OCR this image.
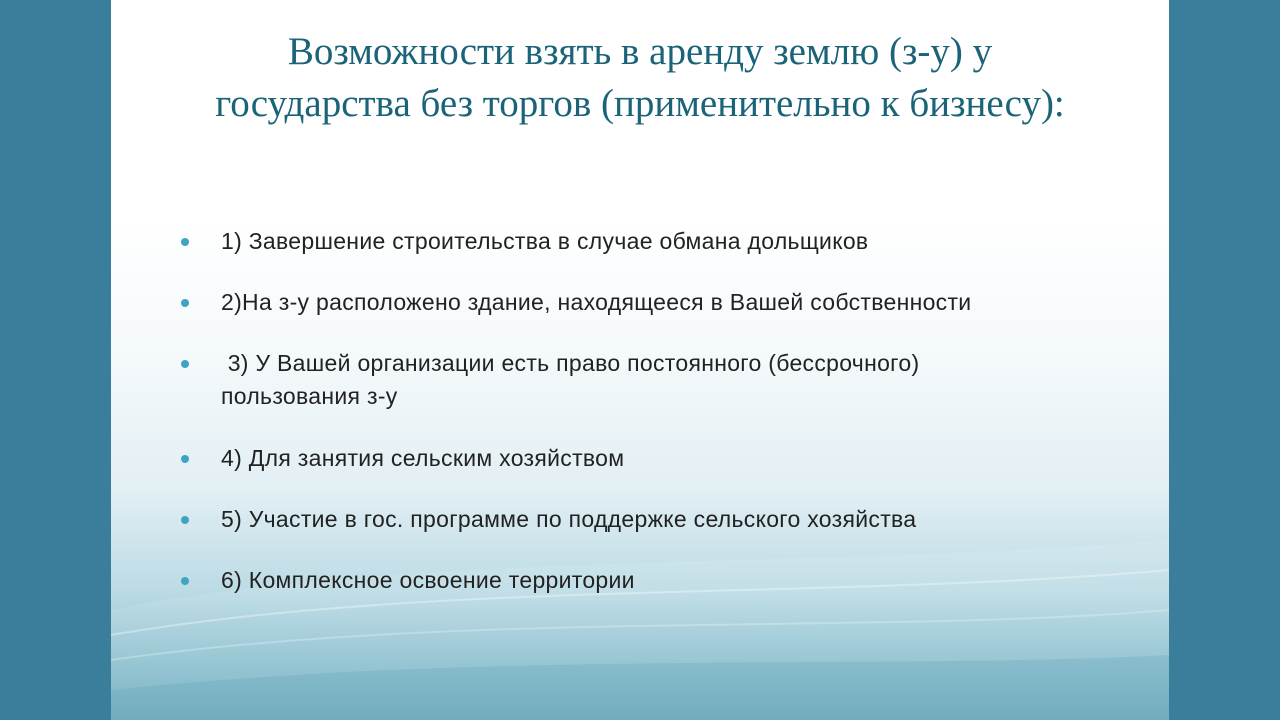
Возможности взять в аренду землю (з-у) у
государства без торгов (применительно к бизнесу):
1) Завершение строительства в случае обмана дольщиков
2)На з-у расположено здание, находящееся в Вашей собственности
3) У Вашей организации есть право постоянного (бессрочного) пользования з-у
4) Для занятия сельским хозяйством
5) Участие в гос. программе по поддержке сельского хозяйства
6) Комплексное освоение территории
